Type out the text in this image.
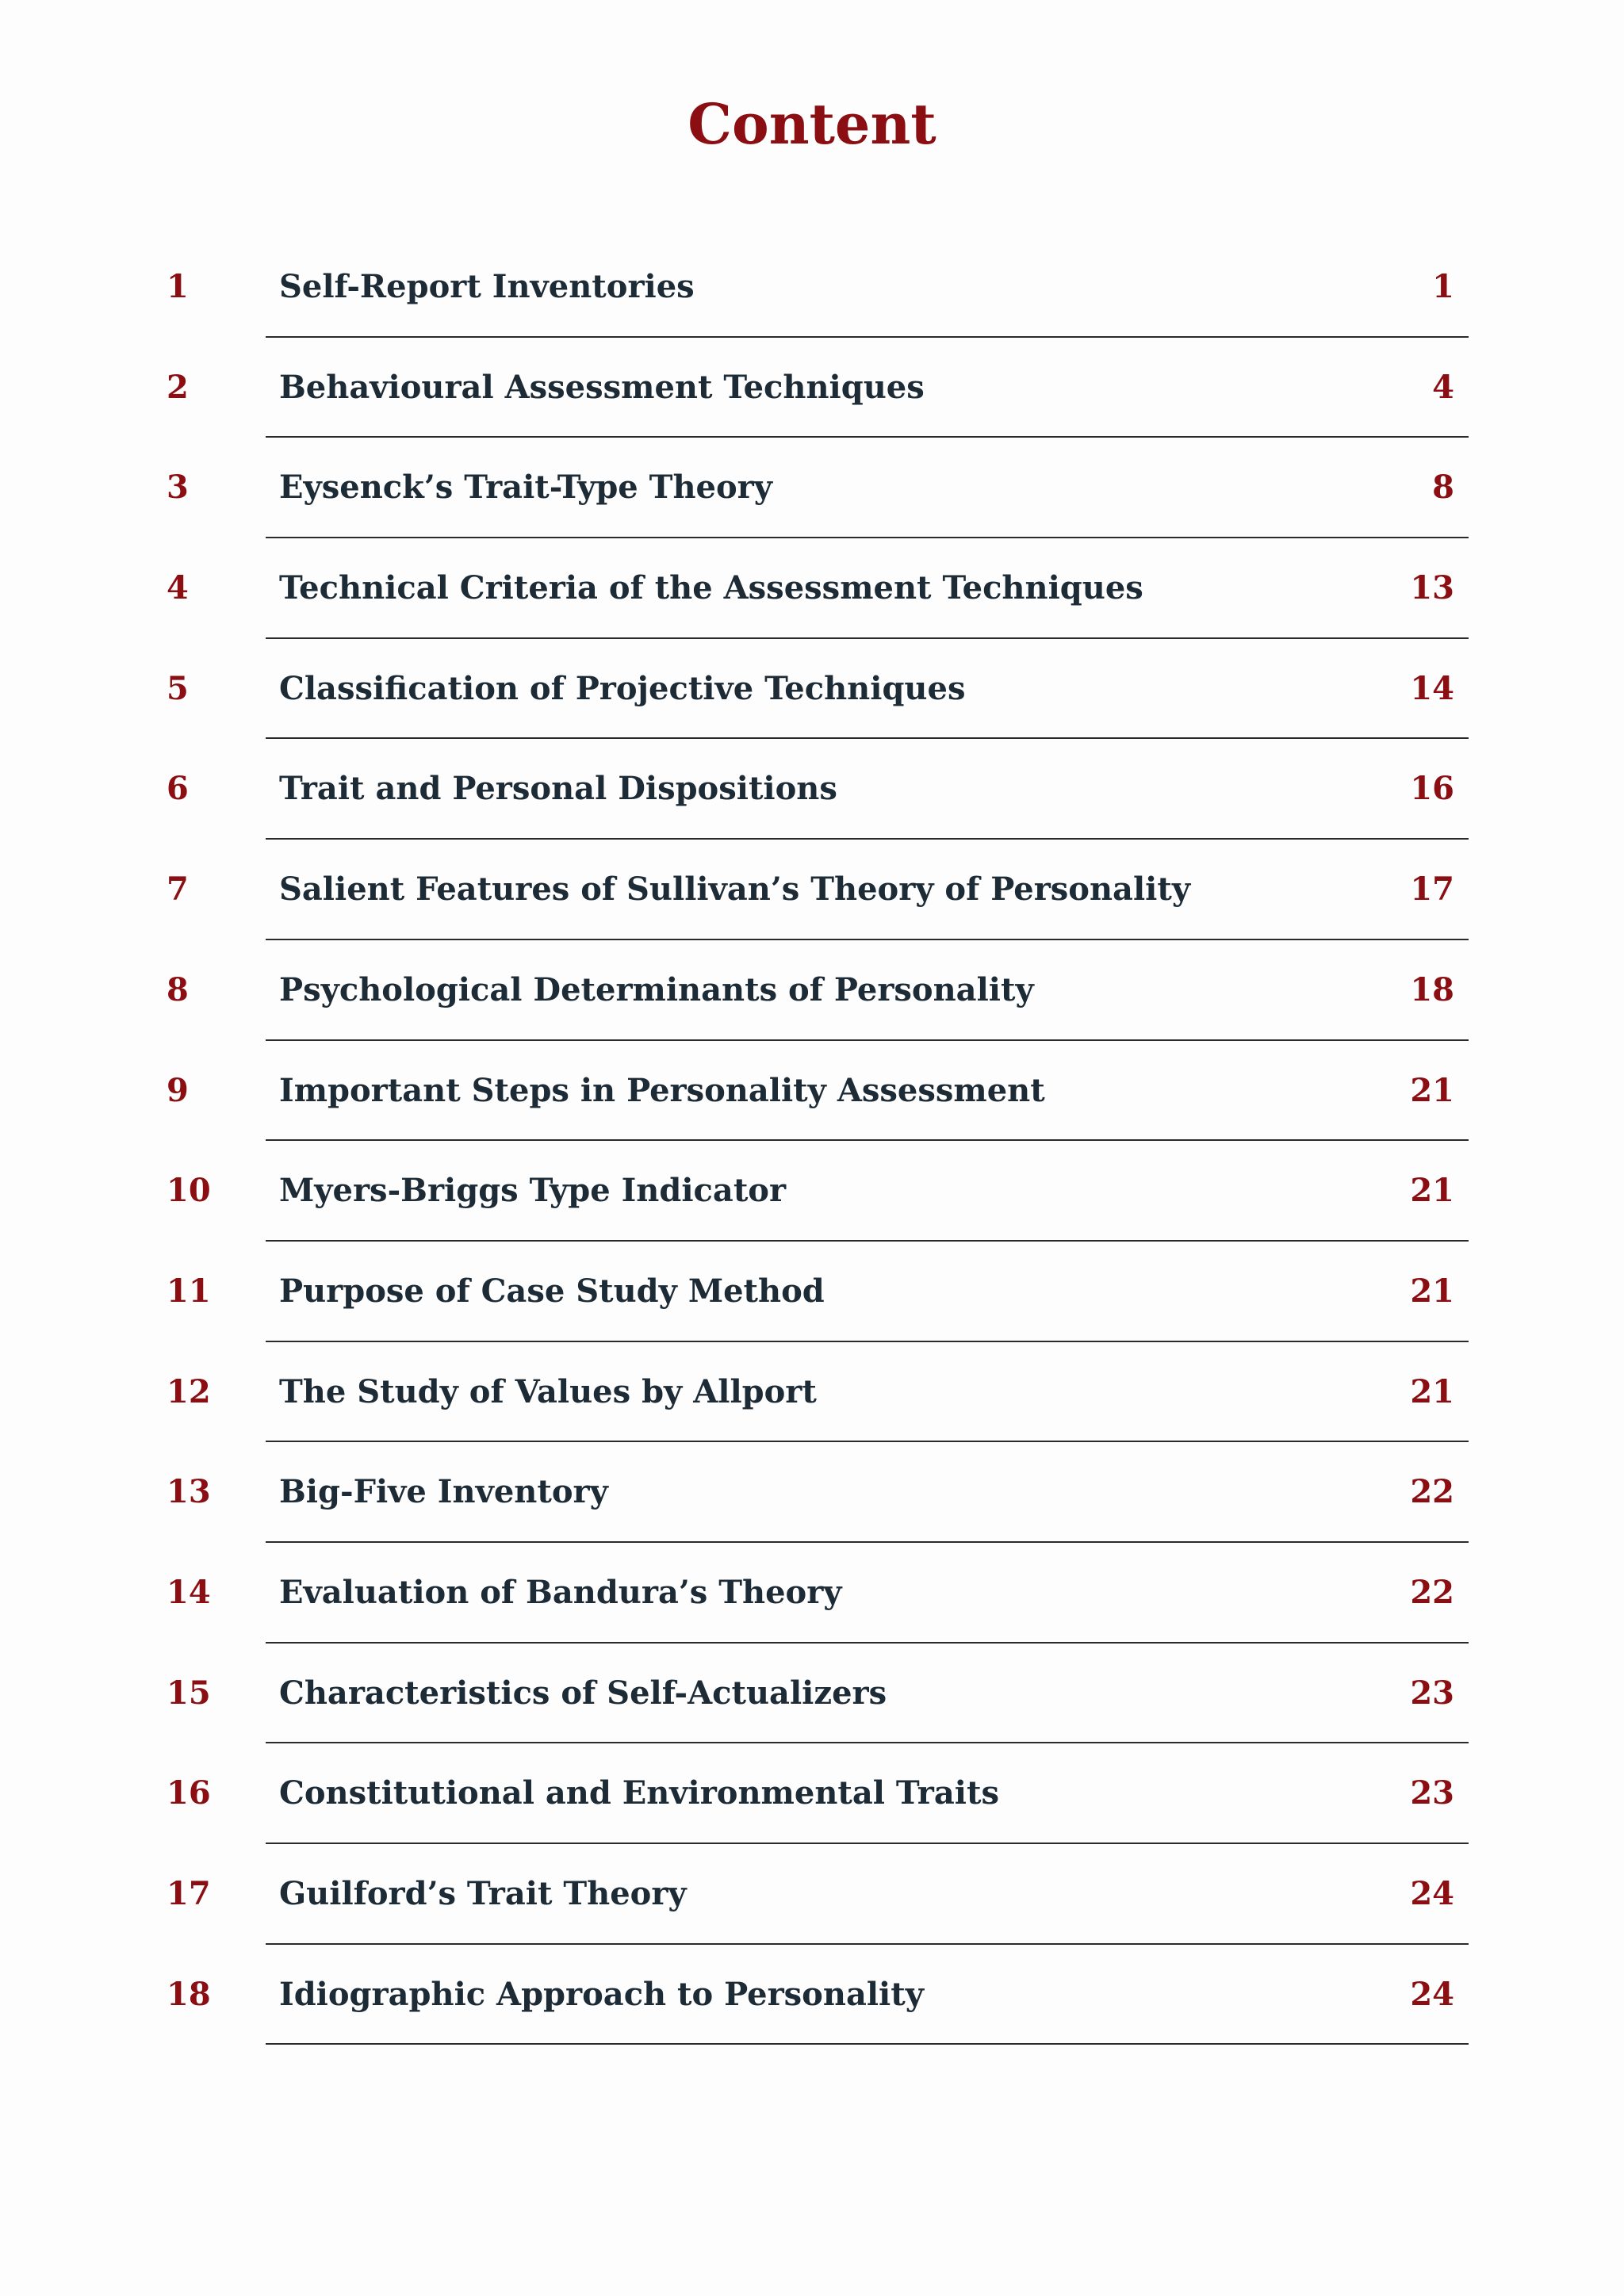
Content
1	Self-Report Inventories	1
2	Behavioural Assessment Techniques	4
3	Eysenck’s Trait-Type Theory	8
4	Technical Criteria of the Assessment Techniques	13
5	Classification of Projective Techniques	14
6	Trait and Personal Dispositions	16
7	Salient Features of Sullivan’s Theory of Personality	17
8	Psychological Determinants of Personality	18
9	Important Steps in Personality Assessment	21
10 Myers-Briggs Type Indicator	21
11 Purpose of Case Study Method	21
12 The Study of Values by Allport	21
13 Big-Five Inventory	22
14 Evaluation of Bandura’s Theory	22
15 Characteristics of Self-Actualizers	23
16 Constitutional and Environmental Traits	23
17 Guilford’s Trait Theory	24
18 Idiographic Approach to Personality	24
